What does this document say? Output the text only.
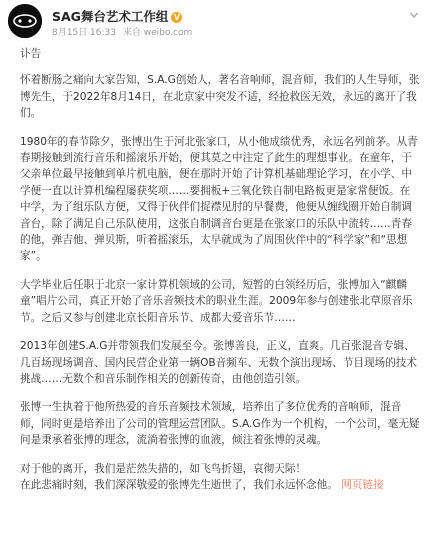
SAG舞台艺术工作组 V
8月15日 16:33 来自 weibo.com

讣告

怀着断肠之痛向大家告知，S.A.G创始人，著名音响师，混音师，我们的人生导师，张博先生，于2022年8月14日，在北京家中突发不适，经抢救医无效，永远的离开了我们。

1980年的春节除夕，张博出生于河北张家口，从小他成绩优秀，永远名列前茅。从青春期接触到流行音乐和摇滚乐开始，便其莫之中注定了此生的理想事业。在童年，于父亲单位最早接触到单片机电脑，便在那时开始了计算机基础理论学习，在小学、中学便一直以计算机编程屡获奖项……要拥板+三氧化铁自制电路板更是家常便饭。在中学，为了组乐队方便，又得于伙伴们捉襟见肘的早餐费，他便从缠线圈开始自制调音台，除了满足自己乐队使用，这张自制调音台更是在张家口的乐队中流转……青春的他，弹吉他、弹贝斯，听着摇滚乐，太早就成为了周围伙伴中的“科学家”和“思想家”。

大学毕业后任职于北京一家计算机领域的公司，短暂的白领经历后，张博加入“麒麟童”唱片公司，真正开始了音乐音频技术的职业生涯。2009年参与创建张北草原音乐节。之后又参与创建北京长阳音乐节、成都大爱音乐节……

2013年创建S.A.G并带领我们发展至今。张博善良，正义，直爽。几百张混音专辑、几百场现场调音、国内民营企业第一辆OB音频车、无数个演出现场、节目现场的技术挑战……无数个和音乐制作相关的创新传奇，由他创造引领。

张博一生执着于他所热爱的音乐音频技术领域，培养出了多位优秀的音响师，混音师，同时更是培养出了公司的管理运营团队。S.A.G作为一个机构，一个公司，毫无疑问是秉承着张博的理念，流淌着张博的血液，倾注着张博的灵魂。

对于他的离开，我们是茫然失措的，如飞鸟折翅，哀彻天际！
在此悲痛时刻，我们深深敬爱的张博先生逝世了，我们永远怀念他。 网页链接
